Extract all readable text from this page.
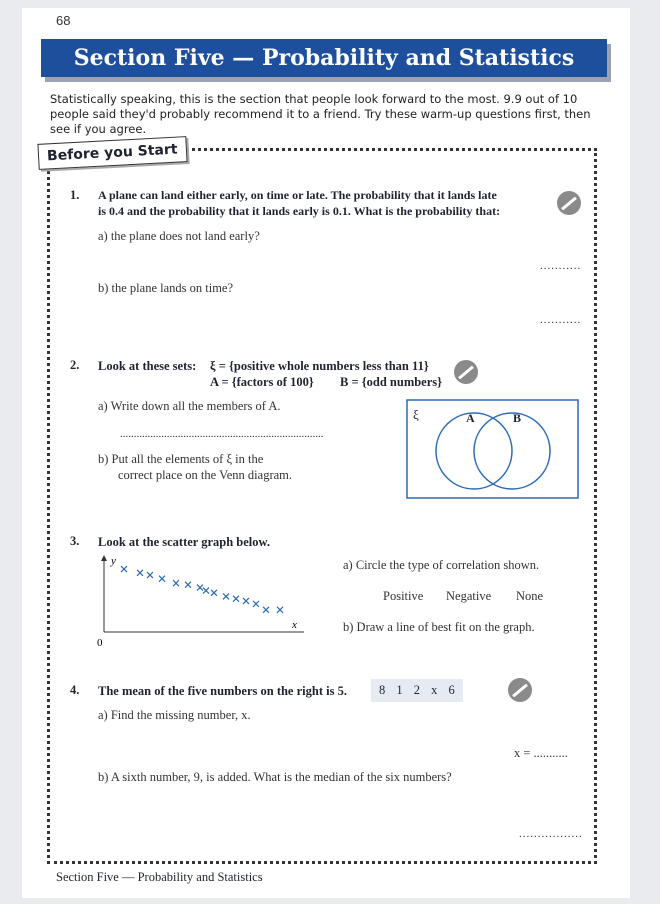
68
Section Five — Probability and Statistics
Statistically speaking, this is the section that people look forward to the most. 9.9 out of 10 people said they'd probably recommend it to a friend. Try these warm-up questions first, then see if you agree.
Before you Start
1. A plane can land either early, on time or late. The probability that it lands late
is 0.4 and the probability that it lands early is 0.1. What is the probability that:
a) the plane does not land early?
...........
b) the plane lands on time?
...........
2. Look at these sets: ξ = {positive whole numbers less than 11}
A = {factors of 100} B = {odd numbers}
a) Write down all the members of A.
..........................................................................
b) Put all the elements of ξ in the
correct place on the Venn diagram.
ξ	A	B
3. Look at the scatter graph below.
y
x
0
a) Circle the type of correlation shown.
Positive Negative None
b) Draw a line of best fit on the graph.
4. The mean of the five numbers on the right is 5.	8 1 2 x 6
a) Find the missing number, x.
x = ...........
b) A sixth number, 9, is added. What is the median of the six numbers?
.................
Section Five — Probability and Statistics
